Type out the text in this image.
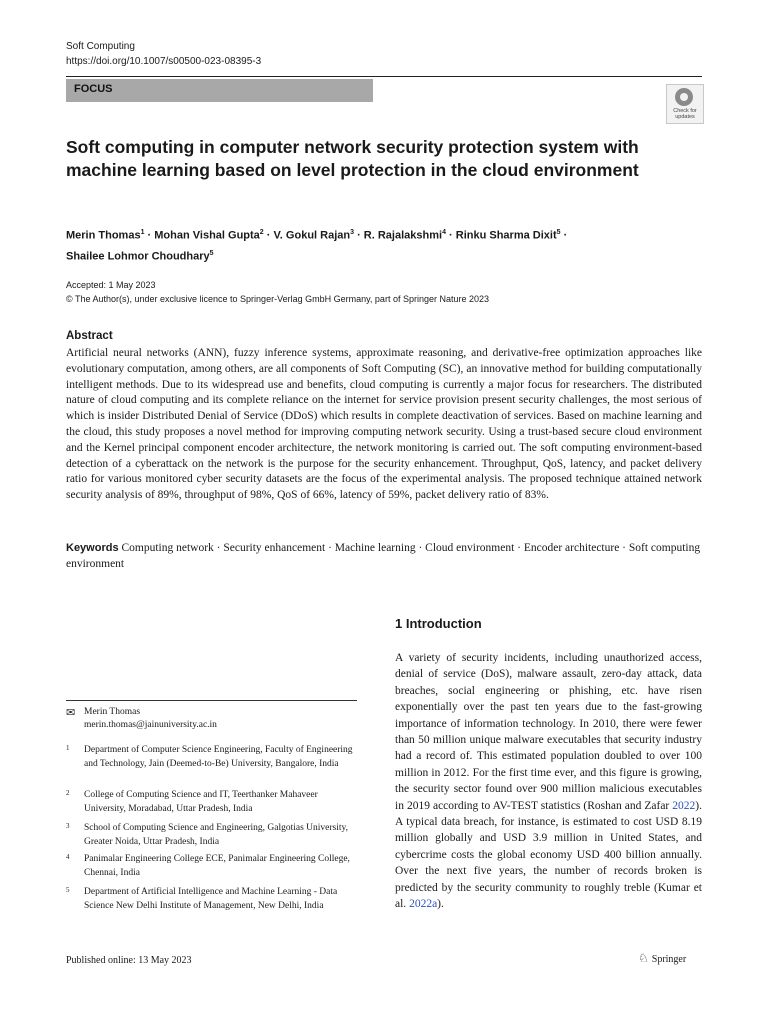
Soft Computing
https://doi.org/10.1007/s00500-023-08395-3
FOCUS
Check for updates
Soft computing in computer network security protection system with machine learning based on level protection in the cloud environment
Merin Thomas$^1$ · Mohan Vishal Gupta$^2$ · V. Gokul Rajan$^3$ · R. Rajalakshmi$^4$ · Rinku Sharma Dixit$^5$ ·
Shailee Lohmor Choudhary$^5$
Accepted: 1 May 2023
© The Author(s), under exclusive licence to Springer-Verlag GmbH Germany, part of Springer Nature 2023
Abstract
Artificial neural networks (ANN), fuzzy inference systems, approximate reasoning, and derivative-free optimization approaches like evolutionary computation, among others, are all components of Soft Computing (SC), an innovative method for building computationally intelligent methods. Due to its widespread use and benefits, cloud computing is currently a major focus for researchers. The distributed nature of cloud computing and its complete reliance on the internet for service provision present security challenges, the most serious of which is insider Distributed Denial of Service (DDoS) which results in complete deactivation of services. Based on machine learning and the cloud, this study proposes a novel method for improving computing network security. Using a trust-based secure cloud environment and the Kernel principal component encoder architecture, the network monitoring is carried out. The soft computing environment-based detection of a cyberattack on the network is the purpose for the security enhancement. Throughput, QoS, latency, and packet delivery ratio for various monitored cyber security datasets are the focus of the experimental analysis. The proposed technique attained network security analysis of 89%, throughput of 98%, QoS of 66%, latency of 59%, packet delivery ratio of 83%.
Keywords Computing network · Security enhancement · Machine learning · Cloud environment · Encoder architecture · Soft computing environment
1 Introduction
A variety of security incidents, including unauthorized access, denial of service (DoS), malware assault, zero-day attack, data breaches, social engineering or phishing, etc. have risen exponentially over the past ten years due to the fast-growing importance of information technology. In 2010, there were fewer than 50 million unique malware executables that security industry had a record of. This estimated population doubled to over 100 million in 2012. For the first time ever, and this figure is growing, the security sector found over 900 million malicious executables in 2019 according to AV-TEST statistics (Roshan and Zafar 2022). A typical data breach, for instance, is estimated to cost USD 8.19 million globally and USD 3.9 million in United States, and cybercrime costs the global economy USD 400 billion annually. Over the next five years, the number of records broken is predicted by the security community to roughly treble (Kumar et al. 2022a).
✉ Merin Thomas
merin.thomas@jainuniversity.ac.in
1 Department of Computer Science Engineering, Faculty of Engineering and Technology, Jain (Deemed-to-Be) University, Bangalore, India
2 College of Computing Science and IT, Teerthanker Mahaveer University, Moradabad, Uttar Pradesh, India
3 School of Computing Science and Engineering, Galgotias University, Greater Noida, Uttar Pradesh, India
4 Panimalar Engineering College ECE, Panimalar Engineering College, Chennai, India
5 Department of Artificial Intelligence and Machine Learning - Data Science New Delhi Institute of Management, New Delhi, India
Published online: 13 May 2023	♘ Springer
